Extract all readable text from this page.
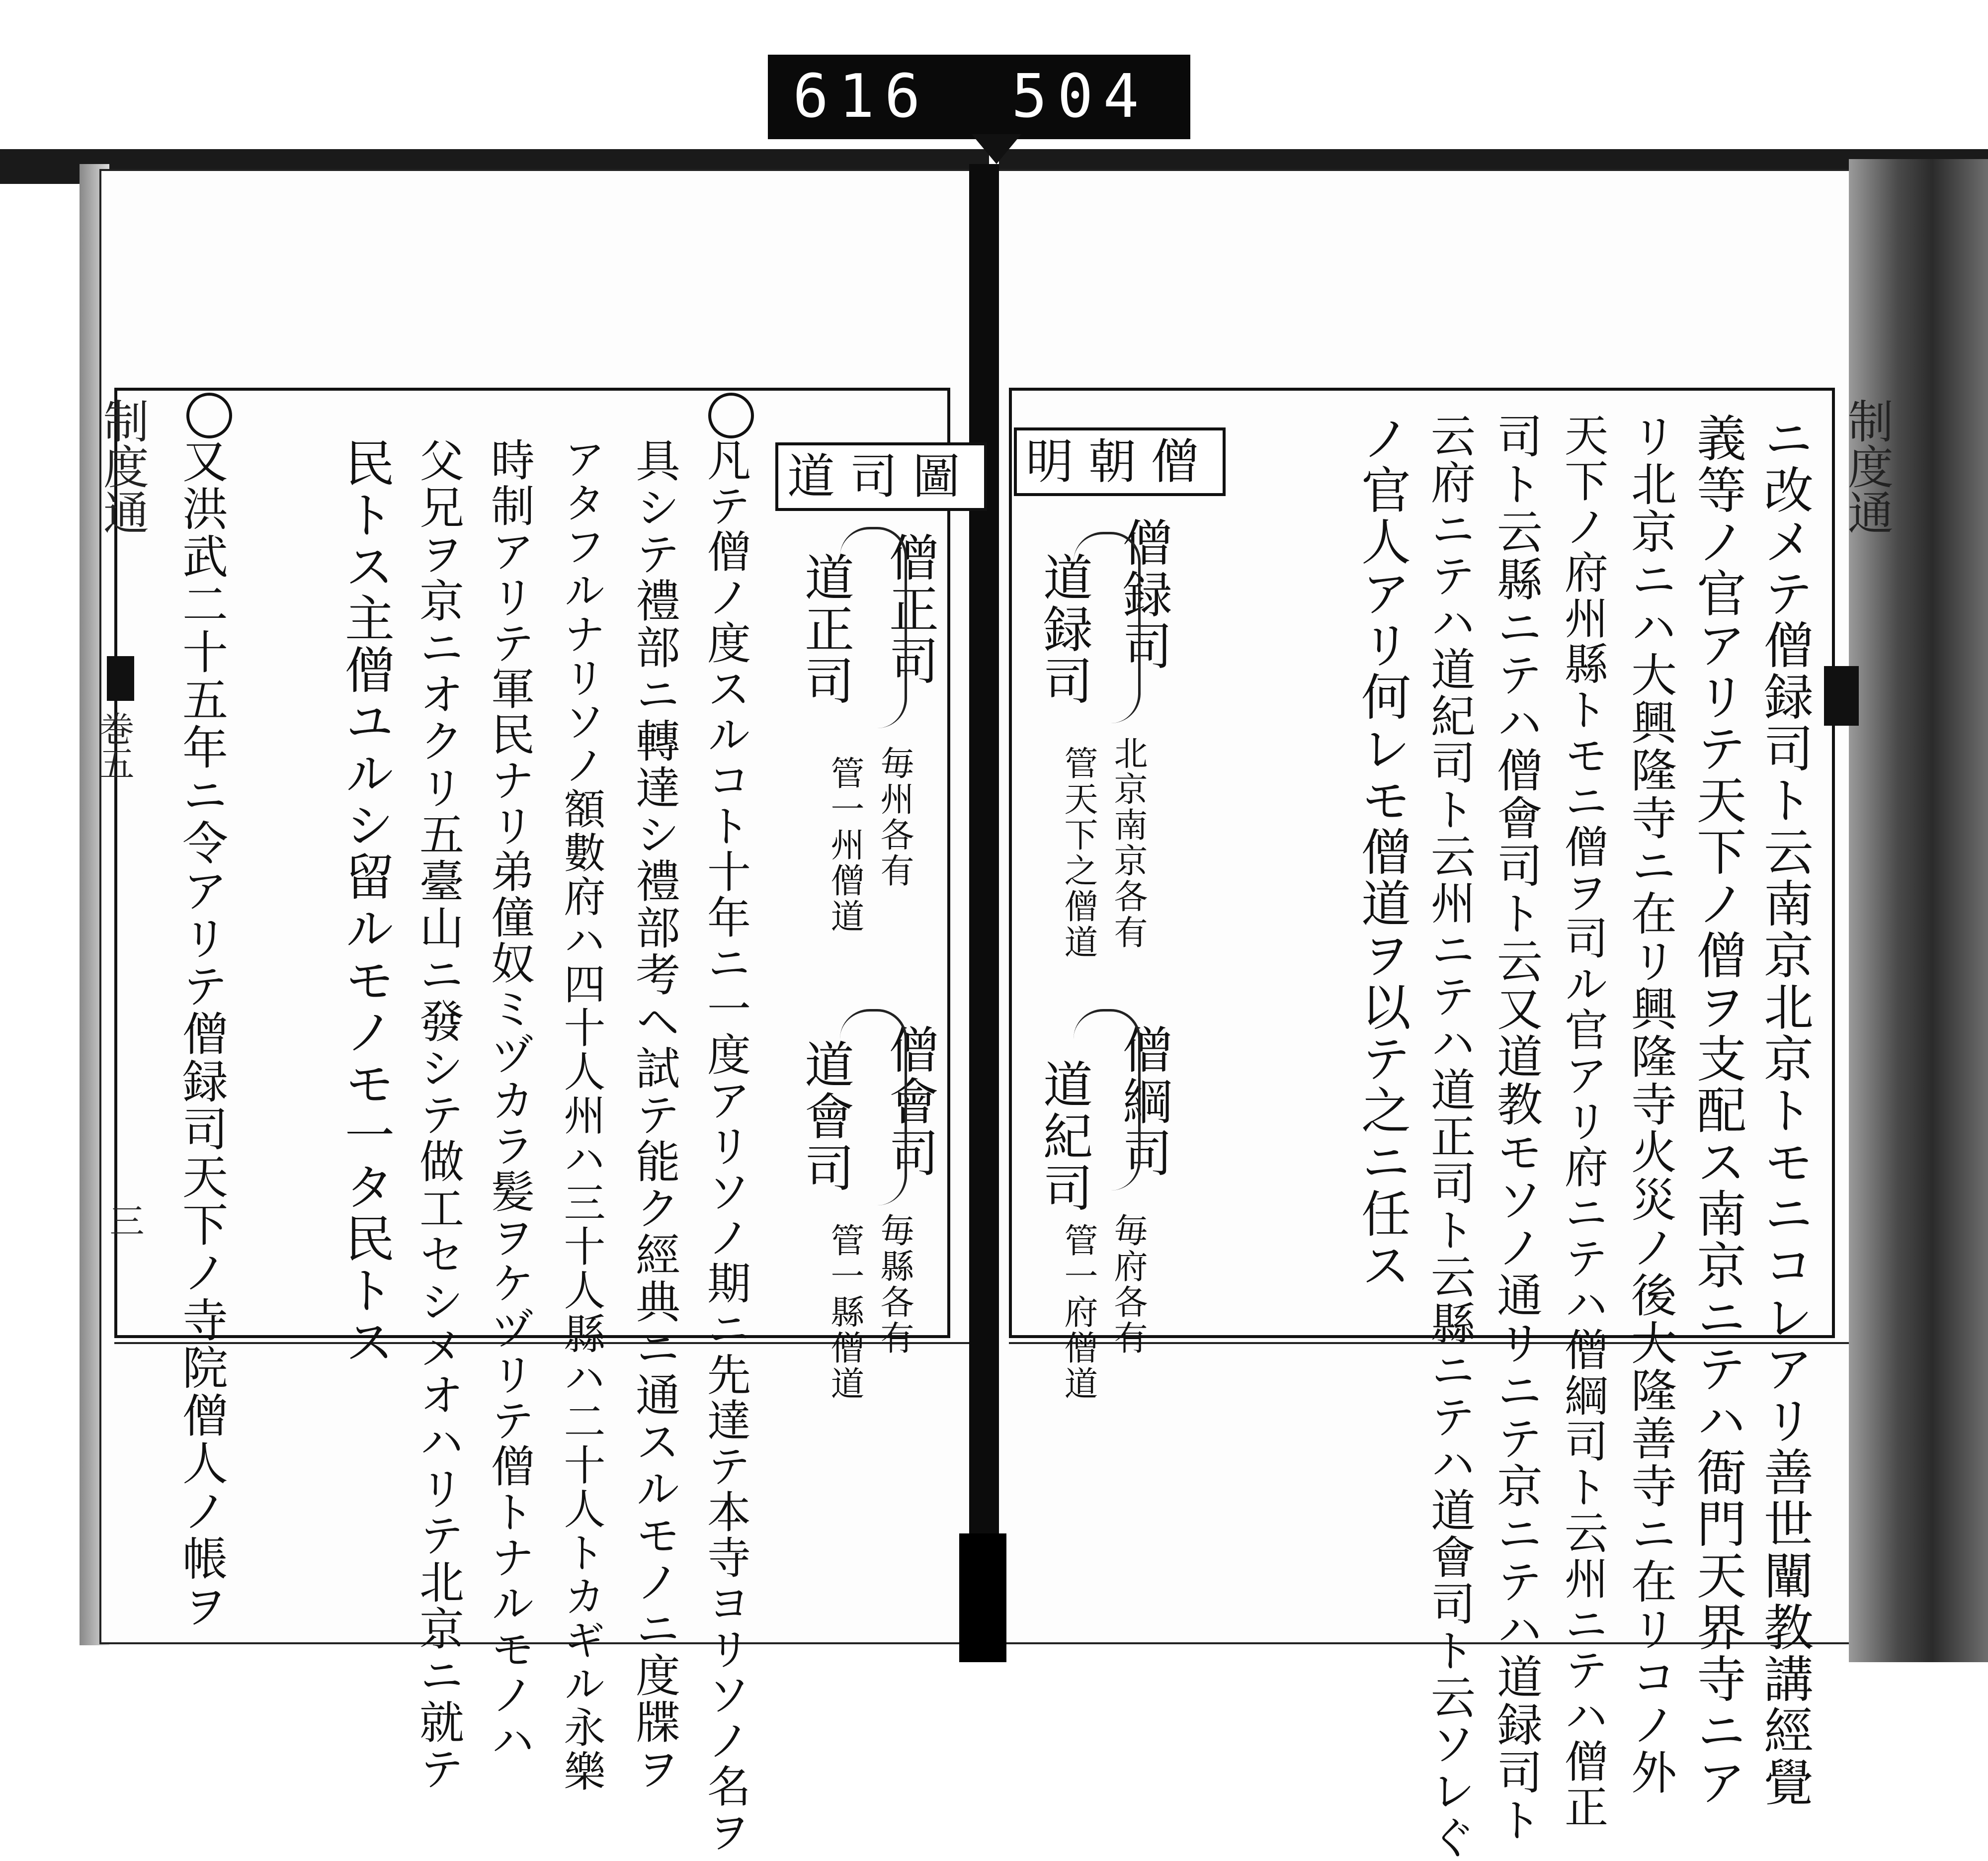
616 504
制度通
巻五
三
制度通
ニ改メテ僧録司ト云南京北京トモニコレアリ善世闡教講經覺
義等ノ官アリテ天下ノ僧ヲ支配ス南京ニテハ衙門天界寺ニア
リ北京ニハ大興隆寺ニ在リ興隆寺火災ノ後大隆善寺ニ在リコノ外
天下ノ府州縣トモニ僧ヲ司ル官アリ府ニテハ僧綱司ト云州ニテハ僧正
司ト云縣ニテハ僧會司ト云又道教モソノ通リニテ京ニテハ道録司ト
云府ニテハ道紀司ト云州ニテハ道正司ト云縣ニテハ道會司ト云ソレぐ
ノ官人アリ何レモ僧道ヲ以テ之ニ任ス
明朝僧
僧録司
道録司
北京南京各有
管天下之僧道
僧綱司
道紀司
毎府各有
管一府僧道
道司圖
僧正司
道正司
毎州各有
管一州僧道
僧會司
道會司
毎縣各有
管一縣僧道
凡テ僧ノ度スルコト十年ニ一度アリソノ期ニ先達テ本寺ヨリソノ名ヲ
具シテ禮部ニ轉達シ禮部考ヘ試テ能ク經典ニ通スルモノニ度牒ヲ
アタフルナリソノ額數府ハ四十人州ハ三十人縣ハ二十人トカギル永樂
時制アリテ軍民ナリ弟僮奴ミヅカラ髪ヲケヅリテ僧トナルモノハ
父兄ヲ京ニオクリ五臺山ニ發シテ做工セシメオハリテ北京ニ就テ
民トス主僧ユルシ留ルモノモ一タ民トス
又洪武二十五年ニ令アリテ僧録司天下ノ寺院僧人ノ帳ヲ
